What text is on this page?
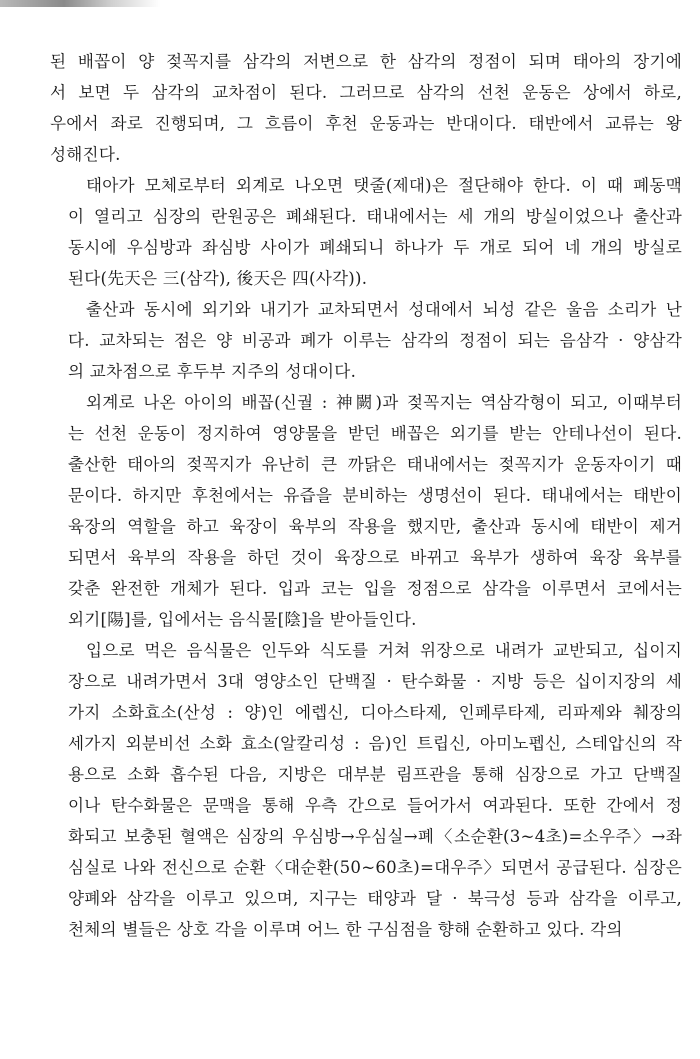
된 배꼽이 양 젖꼭지를 삼각의 저변으로 한 삼각의 정점이 되며 태아의 장기에
서 보면 두 삼각의 교차점이 된다. 그러므로 삼각의 선천 운동은 상에서 하로,
우에서 좌로 진행되며, 그 흐름이 후천 운동과는 반대이다. 태반에서 교류는 왕
성해진다.
태아가 모체로부터 외계로 나오면 탯줄(제대)은 절단해야 한다. 이 때 폐동맥
이 열리고 심장의 란원공은 폐쇄된다. 태내에서는 세 개의 방실이었으나 출산과
동시에 우심방과 좌심방 사이가 폐쇄되니 하나가 두 개로 되어 네 개의 방실로
된다(先天은 三(삼각), 後天은 四(사각)).
출산과 동시에 외기와 내기가 교차되면서 성대에서 뇌성 같은 울음 소리가 난
다. 교차되는 점은 양 비공과 폐가 이루는 삼각의 정점이 되는 음삼각 · 양삼각
의 교차점으로 후두부 지주의 성대이다.
외계로 나온 아이의 배꼽(신궐 : 神闕)과 젖꼭지는 역삼각형이 되고, 이때부터
는 선천 운동이 정지하여 영양물을 받던 배꼽은 외기를 받는 안테나선이 된다.
출산한 태아의 젖꼭지가 유난히 큰 까닭은 태내에서는 젖꼭지가 운동자이기 때
문이다. 하지만 후천에서는 유즙을 분비하는 생명선이 된다. 태내에서는 태반이
육장의 역할을 하고 육장이 육부의 작용을 했지만, 출산과 동시에 태반이 제거
되면서 육부의 작용을 하던 것이 육장으로 바뀌고 육부가 생하여 육장 육부를
갖춘 완전한 개체가 된다. 입과 코는 입을 정점으로 삼각을 이루면서 코에서는
외기[陽]를, 입에서는 음식물[陰]을 받아들인다.
입으로 먹은 음식물은 인두와 식도를 거쳐 위장으로 내려가 교반되고, 십이지
장으로 내려가면서 3대 영양소인 단백질 · 탄수화물 · 지방 등은 십이지장의 세
가지 소화효소(산성 : 양)인 에렙신, 디아스타제, 인페루타제, 리파제와 췌장의
세가지 외분비선 소화 효소(알칼리성 : 음)인 트립신, 아미노펩신, 스테압신의 작
용으로 소화 흡수된 다음, 지방은 대부분 림프관을 통해 심장으로 가고 단백질
이나 탄수화물은 문맥을 통해 우측 간으로 들어가서 여과된다. 또한 간에서 정
화되고 보충된 혈액은 심장의 우심방→우심실→폐〈소순환(3~4초)=소우주〉→좌
심실로 나와 전신으로 순환〈대순환(50~60초)=대우주〉되면서 공급된다. 심장은
양폐와 삼각을 이루고 있으며, 지구는 태양과 달 · 북극성 등과 삼각을 이루고,
천체의 별들은 상호 각을 이루며 어느 한 구심점을 향해 순환하고 있다. 각의
